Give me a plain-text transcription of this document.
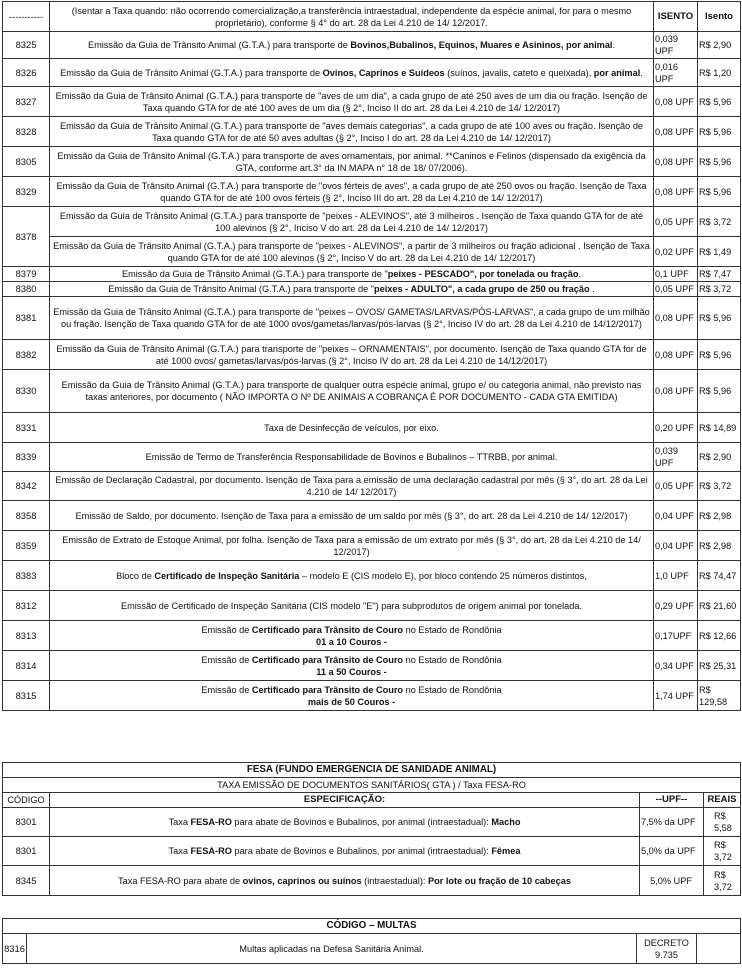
-----------	(Isentar a Taxa quando: não ocorrendo comercialização,a transferência intraestadual, independente da espécie animal, for para o mesmo proprietário), conforme § 4° do art. 28 da Lei 4.210 de 14/ 12/2017.	ISENTO	Isento
8325	Emissão da Guia de Trânsito Animal (G.T.A.) para transporte de Bovinos,Bubalinos, Equinos, Muares e Asininos, por animal.	0,039 UPF	R$ 2,90
8326	Emissão da Guia de Trânsito Animal (G.T.A.) para transporte de Ovinos, Caprinos e Suídeos (suínos, javalis, cateto e queixada), por animal.	0,016 UPF	R$ 1,20
8327	Emissão da Guia de Trânsito Animal (G.T.A.) para transporte de "aves de um dia", a cada grupo de até 250 aves de um dia ou fração. Isenção de Taxa quando GTA for de até 100 aves de um dia (§ 2°, Inciso II do art. 28 da Lei 4.210 de 14/ 12/2017)	0,08 UPF	R$ 5,96
8328	Emissão da Guia de Trânsito Animal (G.T.A.) para transporte de "aves demais categorias", a cada grupo de até 100 aves ou fração. Isenção de Taxa quando GTA for de até 50 aves adultas (§ 2°, Inciso I do art. 28 da Lei 4.210 de 14/ 12/2017)	0,08 UPF	R$ 5,96
8305	Emissão da Guia de Trânsito Animal (G.T.A.) para transporte de aves ornamentais, por animal. **Caninos e Felinos (dispensado da exigência da GTA, conforme art.3° da IN MAPA n° 18 de 18/ 07/2006).	0,08 UPF	R$ 5,96
8329	Emissão da Guia de Trânsito Animal (G.T.A.) para transporte de "ovos férteis de aves", a cada grupo de até 250 ovos ou fração. Isenção de Taxa quando GTA for de até 100 ovos férteis (§ 2°, Inciso III do art. 28 da Lei 4.210 de 14/ 12/2017)	0,08 UPF	R$ 5,96
8378	Emissão da Guia de Trânsito Animal (G.T.A.) para transporte de "peixes - ALEVINOS", até 3 milheiros . Isenção de Taxa quando GTA for de até 100 alevinos (§ 2°, Inciso V do art. 28 da Lei 4.210 de 14/ 12/2017)	0,05 UPF	R$ 3,72
	Emissão da Guia de Trânsito Animal (G.T.A.) para transporte de "peixes - ALEVINOS", a partir de 3 milheiros ou fração adicional . Isenção de Taxa quando GTA for de até 100 alevinos (§ 2°, Inciso V do art. 28 da Lei 4.210 de 14/ 12/2017)	0,02 UPF	R$ 1,49
8379	Emissão da Guia de Trânsito Animal (G.T.A.) para transporte de "peixes - PESCADO", por tonelada ou fração.	0,1 UPF	R$ 7,47
8380	Emissão da Guia de Trânsito Animal (G.T.A.) para transporte de "peixes - ADULTO", a cada grupo de 250 ou fração .	0,05 UPF	R$ 3,72
8381	Emissão da Guia de Trânsito Animal (G.T.A.) para transporte de "peixes – OVOS/ GAMETAS/LARVAS/PÓS-LARVAS", a cada grupo de um milhão ou fração. Isenção de Taxa quando GTA for de até 1000 ovos/gametas/larvas/pós-larvas (§ 2°, Inciso IV do art. 28 da Lei 4.210 de 14/12/2017)	0,08 UPF	R$ 5,96
8382	Emissão da Guia de Trânsito Animal (G.T.A.) para transporte de "peixes – ORNAMENTAIS", por documento. Isenção de Taxa quando GTA for de até 1000 ovos/ gametas/larvas/pós-larvas (§ 2°, Inciso IV do art. 28 da Lei 4.210 de 14/12/2017)	0,08 UPF	R$ 5,96
8330	Emissão da Guia de Trânsito Animal (G.T.A.) para transporte de qualquer outra espécie animal, grupo e/ ou categoria animal, não previsto nas taxas anteriores, por documento ( NÃO IMPORTA O Nº DE ANIMAIS A COBRANÇA É POR DOCUMENTO - CADA GTA EMITIDA)	0,08 UPF	R$ 5,96
8331	Taxa de Desinfecção de veículos, por eixo.	0,20 UPF	R$ 14,89
8339	Emissão de Termo de Transferência Responsabilidade de Bovinos e Bubalinos – TTRBB, por animal.	0,039 UPF	R$ 2,90
8342	Emissão de Declaração Cadastral, por documento. Isenção de Taxa para a emissão de uma declaração cadastral por mês (§ 3°, do art. 28 da Lei 4.210 de 14/ 12/2017)	0,05 UPF	R$ 3,72
8358	Emissão de Saldo, por documento. Isenção de Taxa para a emissão de um saldo por mês (§ 3°, do art. 28 da Lei 4.210 de 14/ 12/2017)	0,04 UPF	R$ 2,98
8359	Emissão de Extrato de Estoque Animal, por folha. Isenção de Taxa para a emissão de um extrato por mês (§ 3°, do art. 28 da Lei 4.210 de 14/ 12/2017)	0,04 UPF	R$ 2,98
8383	Bloco de Certificado de Inspeção Sanitária – modelo E (CIS modelo E), por bloco contendo 25 números distintos,	1,0 UPF	R$ 74,47
8312	Emissão de Certificado de Inspeção Sanitária (CIS modelo "E") para subprodutos de origem animal por tonelada.	0,29 UPF	R$ 21,60
8313	Emissão de Certificado para Trânsito de Couro no Estado de Rondônia
01 a 10 Couros -	0,17UPF	R$ 12,66
8314	Emissão de Certificado para Trânsito de Couro no Estado de Rondônia
11 a 50 Couros -	0,34 UPF	R$ 25,31
8315	Emissão de Certificado para Trânsito de Couro no Estado de Rondônia
mais de 50 Couros -	1,74 UPF	R$ 129,58
FESA (FUNDO EMERGENCIA DE SANIDADE ANIMAL)			
TAXA EMISSÃO DE DOCUMENTOS SANITÁRIOS( GTA ) / Taxa FESA-RO			
CÓDIGO	ESPECIFICAÇÃO:	--UPF--	REAIS
8301	Taxa FESA-RO para abate de Bovinos e Bubalinos, por animal (intraestadual): Macho	7,5% da UPF	R$ 5,58
8301	Taxa FESA-RO para abate de Bovinos e Bubalinos, por animal (intraestadual): Fêmea	5,0% da UPF	R$ 3,72
8345	Taxa FESA-RO para abate de ovinos, caprinos ou suínos (intraestadual): Por lote ou fração de 10 cabeças	5,0% UPF	R$ 3,72
CÓDIGO – MULTAS
8316	Multas aplicadas na Defesa Sanitária Animal.	DECRETO 9.735	
